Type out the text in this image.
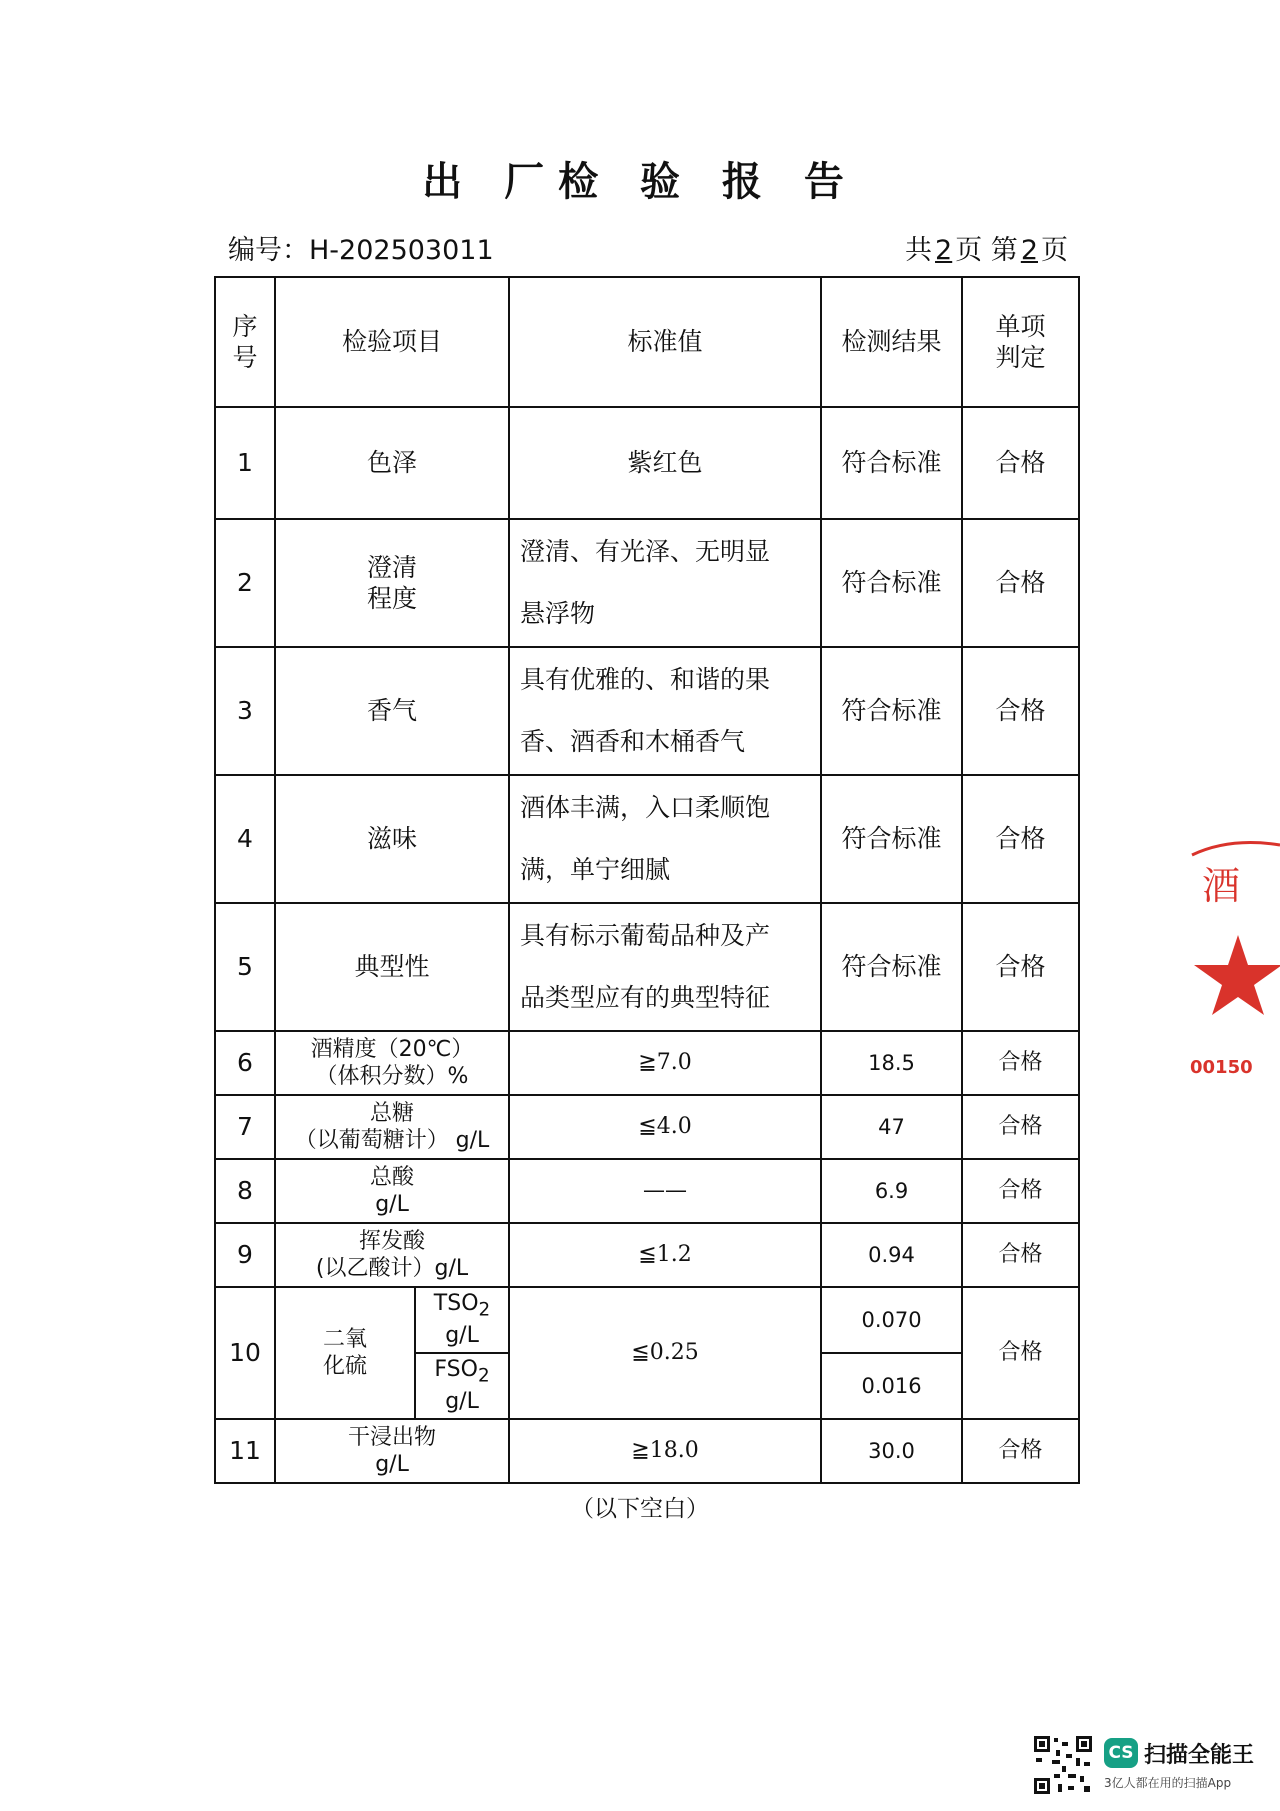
出 厂检 验 报 告
编号：H-202503011	共 2 页 第 2 页
序
号	检验项目		标准值	检测结果	单项
判定
1	色泽		紫红色	符合标准	合格
2	澄清
程度		澄清、有光泽、无明显
悬浮物	符合标准	合格
3	香气		具有优雅的、和谐的果
香、酒香和木桶香气	符合标准	合格
4	滋味		酒体丰满，入口柔顺饱
满，单宁细腻	符合标准	合格
5	典型性		具有标示葡萄品种及产
品类型应有的典型特征	符合标准	合格
6	酒精度（20℃）
（体积分数）%		≧7.0	18.5	合格
7	总糖
（以葡萄糖计） g/L		≦4.0	47	合格
8	总酸
g/L		——	6.9	合格
9	挥发酸
(以乙酸计）g/L		≦1.2	0.94	合格
10	二氧
化硫	$TSO_2$
g/L	≦0.25	0.070	合格
		$FSO_2$
g/L		0.016	
11	干浸出物
g/L		≧18.0	30.0	合格
（以下空白）
酒
00150
CS 扫描全能王
3亿人都在用的扫描App
